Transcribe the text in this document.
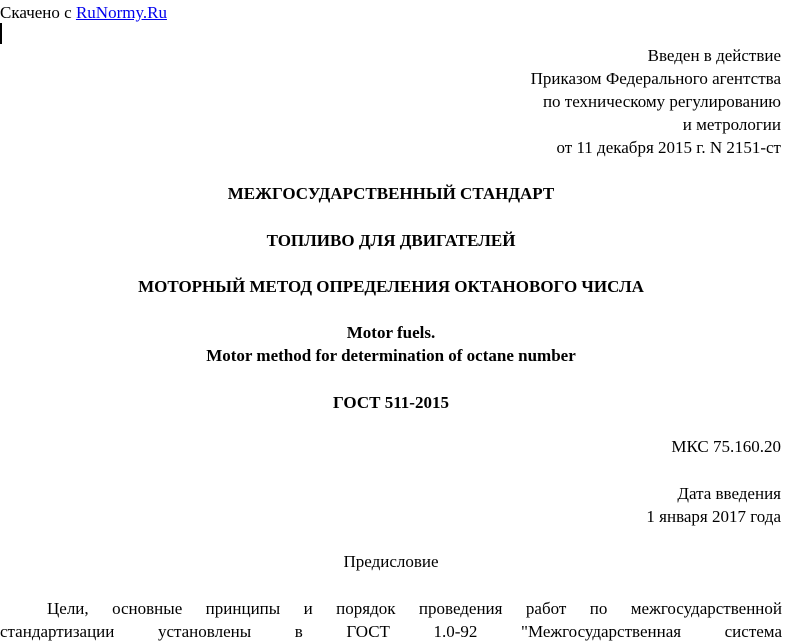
Скачено с RuNormy.Ru
Введен в действие
Приказом Федерального агентства
по техническому регулированию
и метрологии
от 11 декабря 2015 г. N 2151-ст
МЕЖГОСУДАРСТВЕННЫЙ СТАНДАРТ
ТОПЛИВО ДЛЯ ДВИГАТЕЛЕЙ
МОТОРНЫЙ МЕТОД ОПРЕДЕЛЕНИЯ ОКТАНОВОГО ЧИСЛА
Motor fuels.
Motor method for determination of octane number
ГОСТ 511-2015
МКС 75.160.20
Дата введения
1 января 2017 года
Предисловие
Цели, основные принципы и порядок проведения работ по межгосударственной
стандартизации установлены в ГОСТ 1.0-92 "Межгосударственная система
